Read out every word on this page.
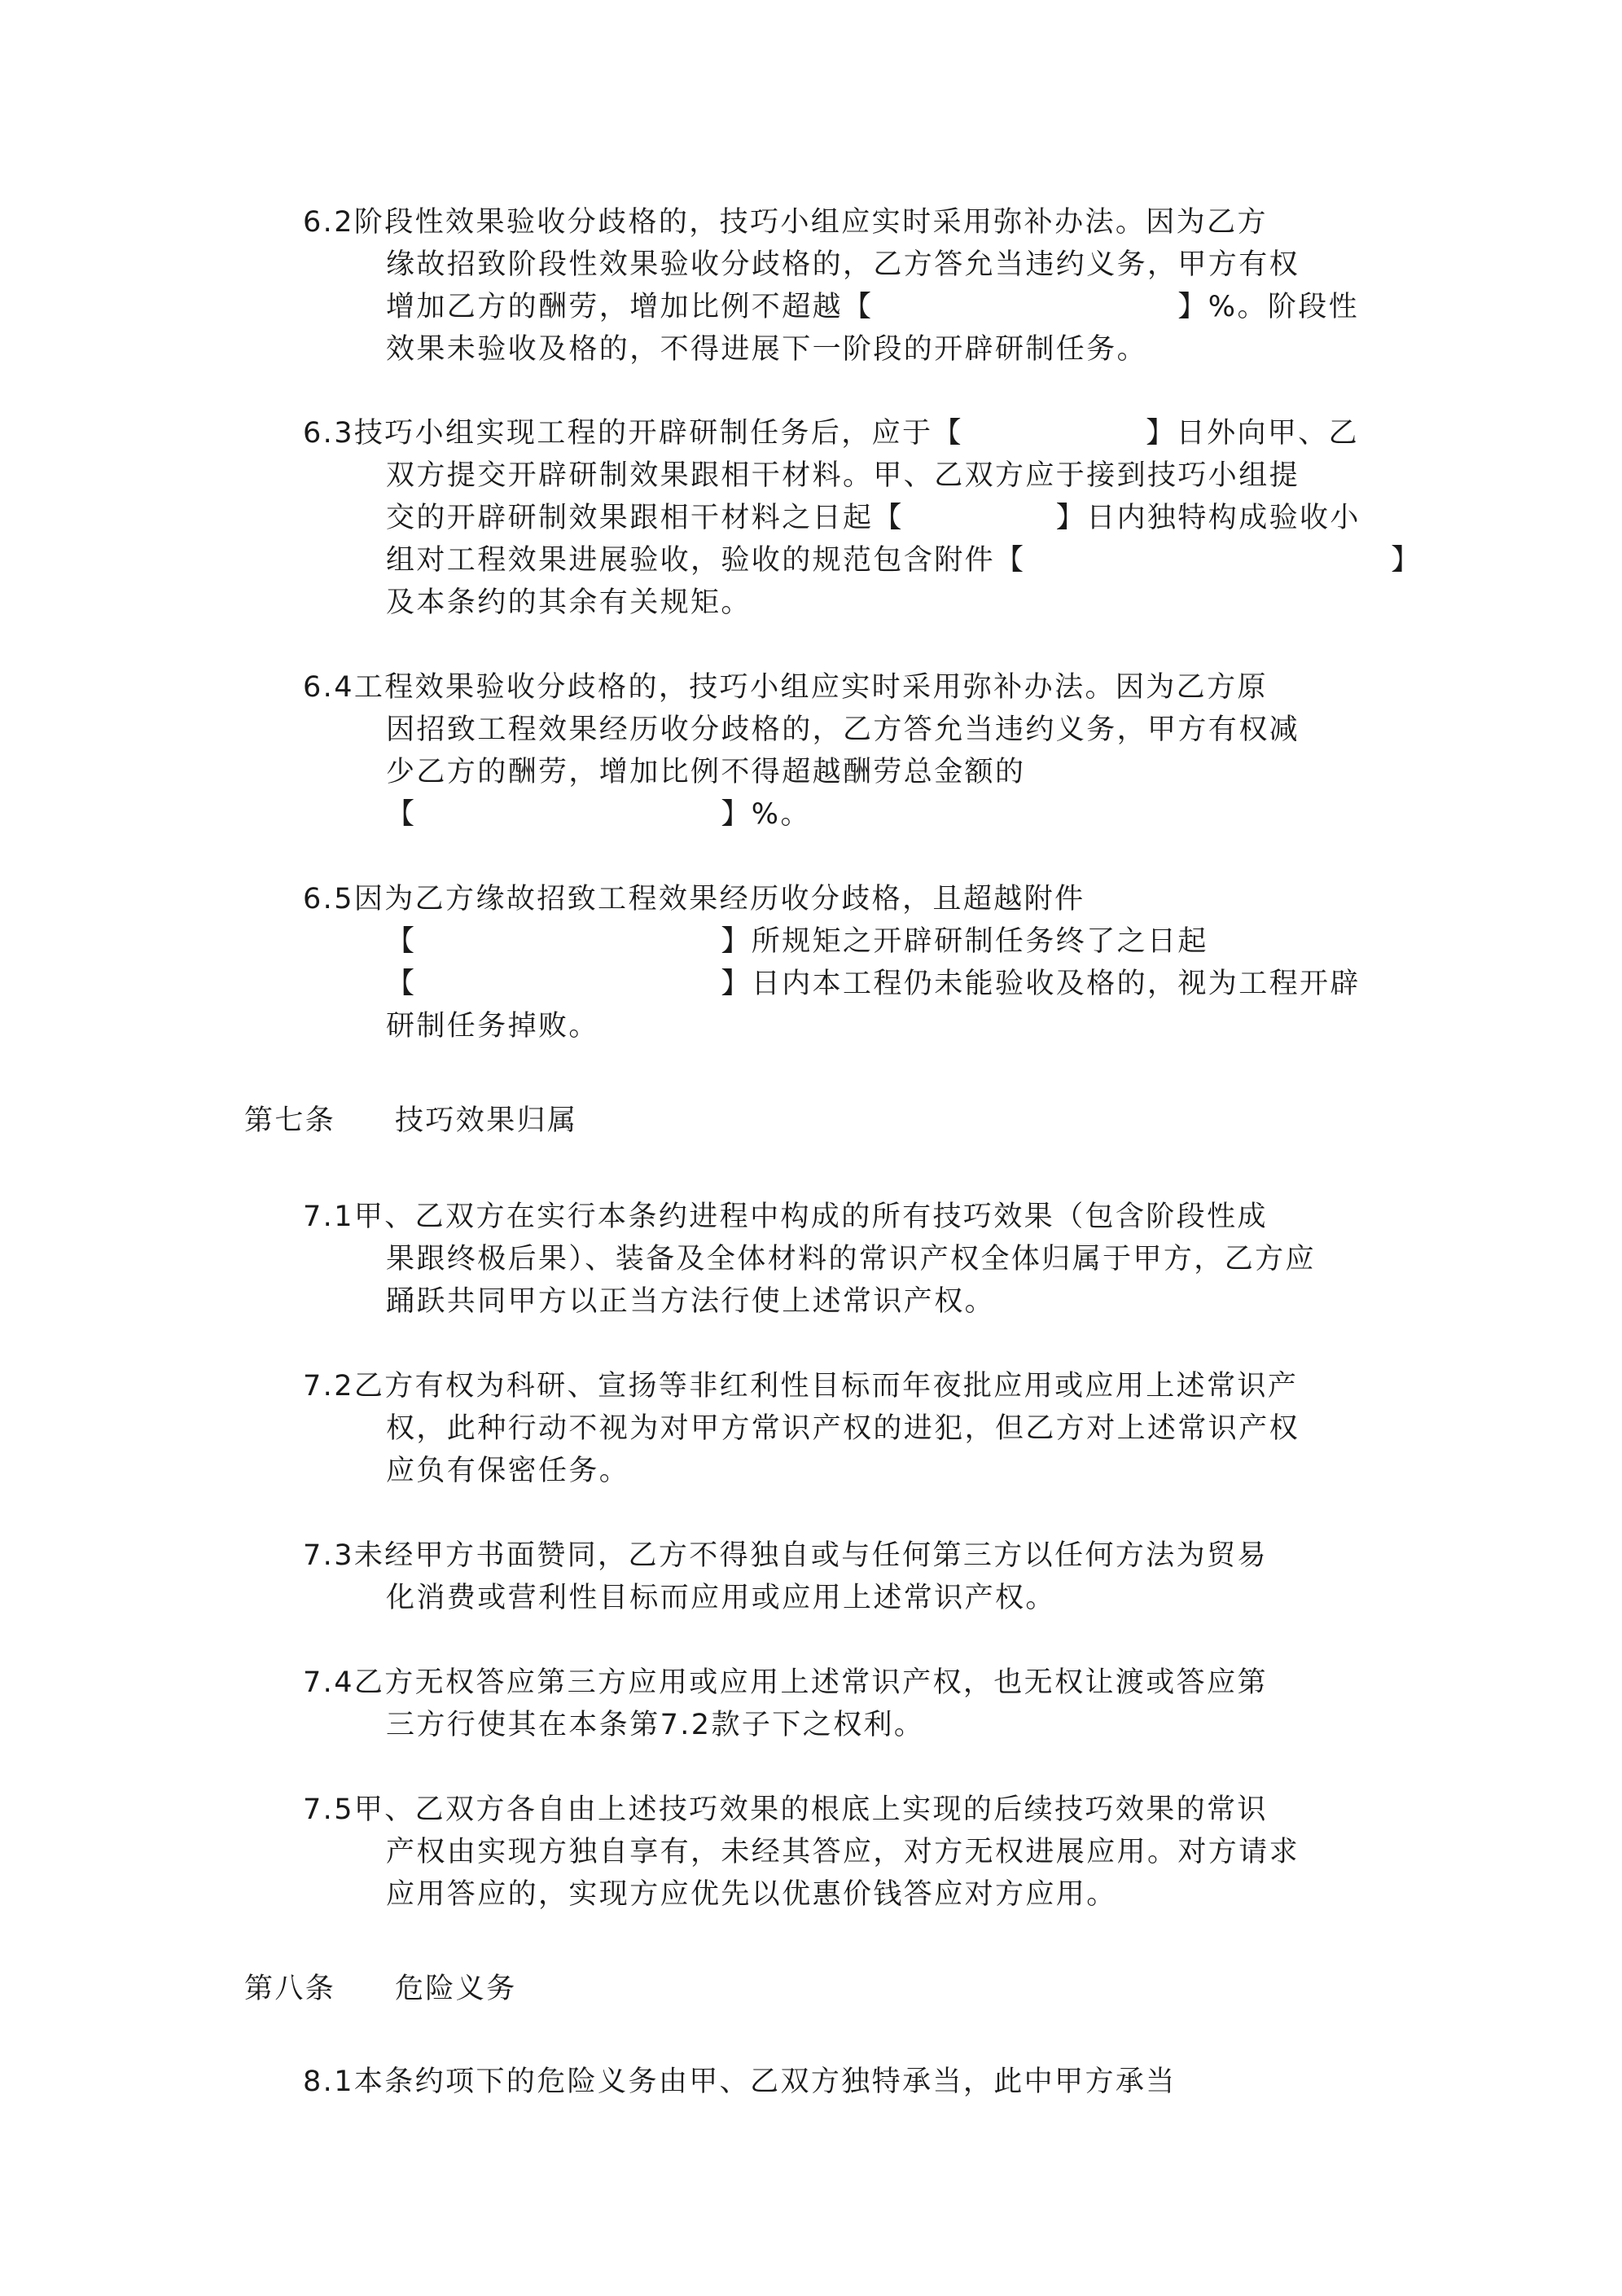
6.2阶段性效果验收分歧格的，技巧小组应实时采用弥补办法。因为乙方
缘故招致阶段性效果验收分歧格的，乙方答允当违约义务，甲方有权
增加乙方的酬劳，增加比例不超越【　　　　　　　　　　】%。阶段性
效果未验收及格的，不得进展下一阶段的开辟研制任务。
6.3技巧小组实现工程的开辟研制任务后，应于【　　　　　　】日外向甲、乙
双方提交开辟研制效果跟相干材料。甲、乙双方应于接到技巧小组提
交的开辟研制效果跟相干材料之日起【　　　　　】日内独特构成验收小
组对工程效果进展验收，验收的规范包含附件【　　　　　　　　　　　　】
及本条约的其余有关规矩。
6.4工程效果验收分歧格的，技巧小组应实时采用弥补办法。因为乙方原
因招致工程效果经历收分歧格的，乙方答允当违约义务，甲方有权减
少乙方的酬劳，增加比例不得超越酬劳总金额的
【　　　　　　　　　　】%。
6.5因为乙方缘故招致工程效果经历收分歧格，且超越附件
【　　　　　　　　　　】所规矩之开辟研制任务终了之日起
【　　　　　　　　　　】日内本工程仍未能验收及格的，视为工程开辟
研制任务掉败。
第七条 技巧效果归属
7.1甲、乙双方在实行本条约进程中构成的所有技巧效果（包含阶段性成
果跟终极后果）、装备及全体材料的常识产权全体归属于甲方，乙方应
踊跃共同甲方以正当方法行使上述常识产权。
7.2乙方有权为科研、宣扬等非红利性目标而年夜批应用或应用上述常识产
权，此种行动不视为对甲方常识产权的进犯，但乙方对上述常识产权
应负有保密任务。
7.3未经甲方书面赞同，乙方不得独自或与任何第三方以任何方法为贸易
化消费或营利性目标而应用或应用上述常识产权。
7.4乙方无权答应第三方应用或应用上述常识产权，也无权让渡或答应第
三方行使其在本条第7.2款子下之权利。
7.5甲、乙双方各自由上述技巧效果的根底上实现的后续技巧效果的常识
产权由实现方独自享有，未经其答应，对方无权进展应用。对方请求
应用答应的，实现方应优先以优惠价钱答应对方应用。
第八条 危险义务
8.1本条约项下的危险义务由甲、乙双方独特承当，此中甲方承当
